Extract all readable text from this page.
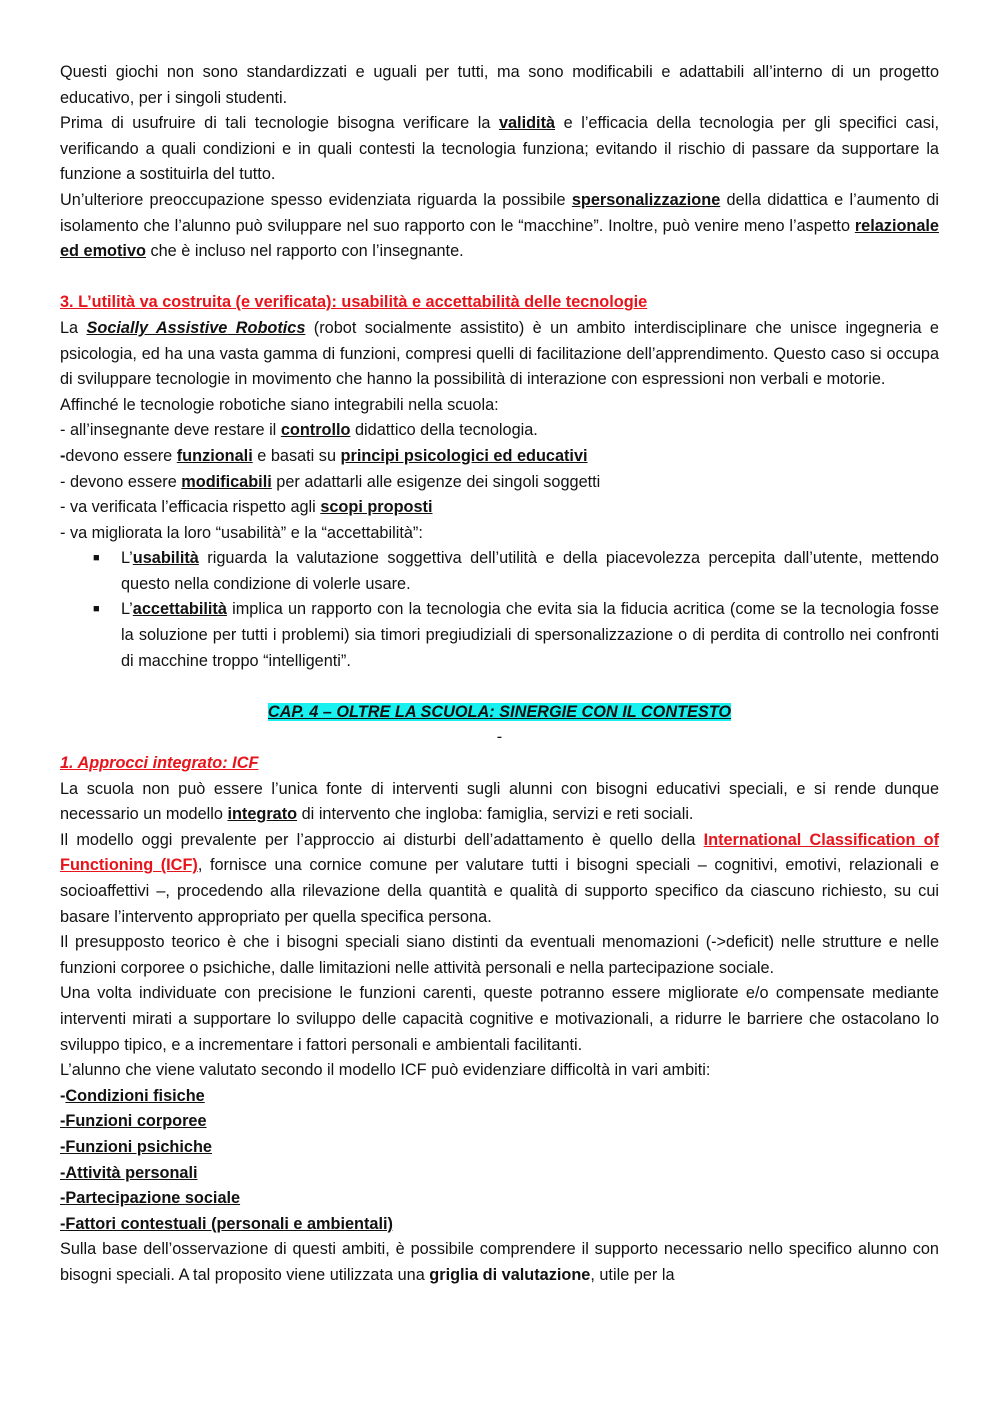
Questi giochi non sono standardizzati e uguali per tutti, ma sono modificabili e adattabili all’interno di un progetto educativo, per i singoli studenti.

Prima di usufruire di tali tecnologie bisogna verificare la validità e l’efficacia della tecnologia per gli specifici casi, verificando a quali condizioni e in quali contesti la tecnologia funziona; evitando il rischio di passare da supportare la funzione a sostituirla del tutto.

Un’ulteriore preoccupazione spesso evidenziata riguarda la possibile spersonalizzazione della didattica e l’aumento di isolamento che l’alunno può sviluppare nel suo rapporto con le “macchine”. Inoltre, può venire meno l’aspetto relazionale ed emotivo che è incluso nel rapporto con l’insegnante.

3. L’utilità va costruita (e verificata): usabilità e accettabilità delle tecnologie

La Socially Assistive Robotics (robot socialmente assistito) è un ambito interdisciplinare che unisce ingegneria e psicologia, ed ha una vasta gamma di funzioni, compresi quelli di facilitazione dell’apprendimento. Questo caso si occupa di sviluppare tecnologie in movimento che hanno la possibilità di interazione con espressioni non verbali e motorie.

Affinché le tecnologie robotiche siano integrabili nella scuola:

- all’insegnante deve restare il controllo didattico della tecnologia.

-devono essere funzionali e basati su principi psicologici ed educativi

- devono essere modificabili per adattarli alle esigenze dei singoli soggetti

- va verificata l’efficacia rispetto agli scopi proposti

- va migliorata la loro “usabilità” e la “accettabilità”:

■ L’usabilità riguarda la valutazione soggettiva dell’utilità e della piacevolezza percepita dall’utente, mettendo questo nella condizione di volerle usare.
■ L’accettabilità implica un rapporto con la tecnologia che evita sia la fiducia acritica (come se la tecnologia fosse la soluzione per tutti i problemi) sia timori pregiudiziali di spersonalizzazione o di perdita di controllo nei confronti di macchine troppo “intelligenti”.

CAP. 4 – OLTRE LA SCUOLA: SINERGIE CON IL CONTESTO

-

1. Approcci integrato: ICF

La scuola non può essere l’unica fonte di interventi sugli alunni con bisogni educativi speciali, e si rende dunque necessario un modello integrato di intervento che ingloba: famiglia, servizi e reti sociali.

Il modello oggi prevalente per l’approccio ai disturbi dell’adattamento è quello della International Classification of Functioning (ICF), fornisce una cornice comune per valutare tutti i bisogni speciali – cognitivi, emotivi, relazionali e socioaffettivi –, procedendo alla rilevazione della quantità e qualità di supporto specifico da ciascuno richiesto, su cui basare l’intervento appropriato per quella specifica persona.

Il presupposto teorico è che i bisogni speciali siano distinti da eventuali menomazioni (->deficit) nelle strutture e nelle funzioni corporee o psichiche, dalle limitazioni nelle attività personali e nella partecipazione sociale.

Una volta individuate con precisione le funzioni carenti, queste potranno essere migliorate e/o compensate mediante interventi mirati a supportare lo sviluppo delle capacità cognitive e motivazionali, a ridurre le barriere che ostacolano lo sviluppo tipico, e a incrementare i fattori personali e ambientali facilitanti.

L’alunno che viene valutato secondo il modello ICF può evidenziare difficoltà in vari ambiti:

-Condizioni fisiche

-Funzioni corporee

-Funzioni psichiche

-Attività personali

-Partecipazione sociale

-Fattori contestuali (personali e ambientali)

Sulla base dell’osservazione di questi ambiti, è possibile comprendere il supporto necessario nello specifico alunno con bisogni speciali. A tal proposito viene utilizzata una griglia di valutazione, utile per la
